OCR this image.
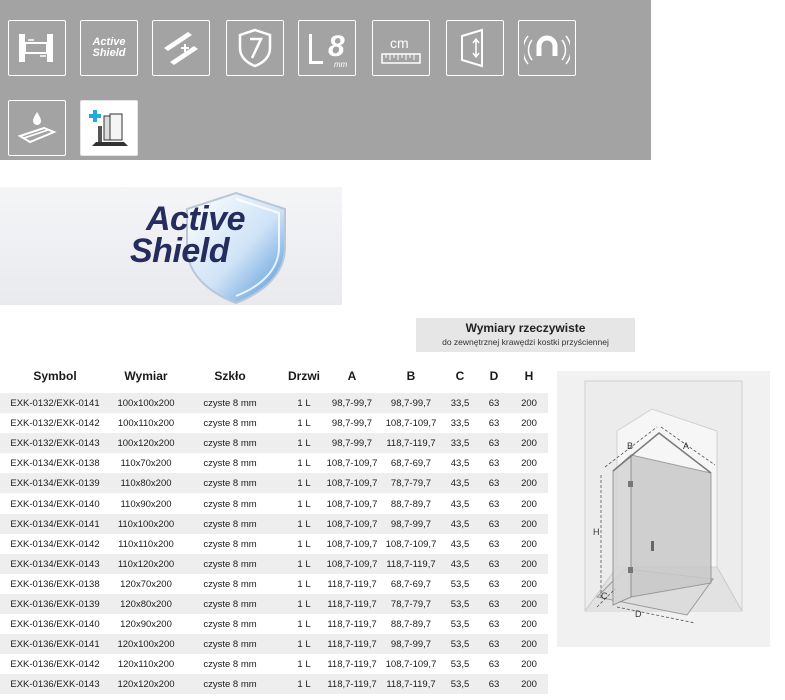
Active
Shield	8
mm
cm
Active
Shield
Wymiary rzeczywiste
do zewnętrznej krawędzi kostki przyściennej
Symbol	Wymiar	Szkło	Drzwi	A	B	C	D	H
EXK-0132/EXK-0141	100x100x200	czyste 8 mm	1 L	98,7-99,7	98,7-99,7	33,5	63	200
EXK-0132/EXK-0142	100x110x200	czyste 8 mm	1 L	98,7-99,7	108,7-109,7	33,5	63	200
EXK-0132/EXK-0143	100x120x200	czyste 8 mm	1 L	98,7-99,7	118,7-119,7	33,5	63	200
EXK-0134/EXK-0138	110x70x200	czyste 8 mm	1 L	108,7-109,7	68,7-69,7	43,5	63	200
EXK-0134/EXK-0139	110x80x200	czyste 8 mm	1 L	108,7-109,7	78,7-79,7	43,5	63	200
EXK-0134/EXK-0140	110x90x200	czyste 8 mm	1 L	108,7-109,7	88,7-89,7	43,5	63	200
EXK-0134/EXK-0141	110x100x200	czyste 8 mm	1 L	108,7-109,7	98,7-99,7	43,5	63	200
EXK-0134/EXK-0142	110x110x200	czyste 8 mm	1 L	108,7-109,7 108,7-109,7	43,5	63	200
EXK-0134/EXK-0143	110x120x200	czyste 8 mm	1 L	108,7-109,7 118,7-119,7	43,5	63	200
EXK-0136/EXK-0138	120x70x200	czyste 8 mm	1 L	118,7-119,7	68,7-69,7	53,5	63	200
EXK-0136/EXK-0139	120x80x200	czyste 8 mm	1 L	118,7-119,7	78,7-79,7	53,5	63	200
EXK-0136/EXK-0140	120x90x200	czyste 8 mm	1 L	118,7-119,7	88,7-89,7	53,5	63	200
EXK-0136/EXK-0141	120x100x200	czyste 8 mm	1 L	118,7-119,7	98,7-99,7	53,5	63	200
EXK-0136/EXK-0142	120x110x200	czyste 8 mm	1 L	118,7-119,7 108,7-109,7	53,5	63	200
EXK-0136/EXK-0143	120x120x200	czyste 8 mm	1 L	118,7-119,7	118,7-119,7	53,5	63	200
B	A
H
C
D
